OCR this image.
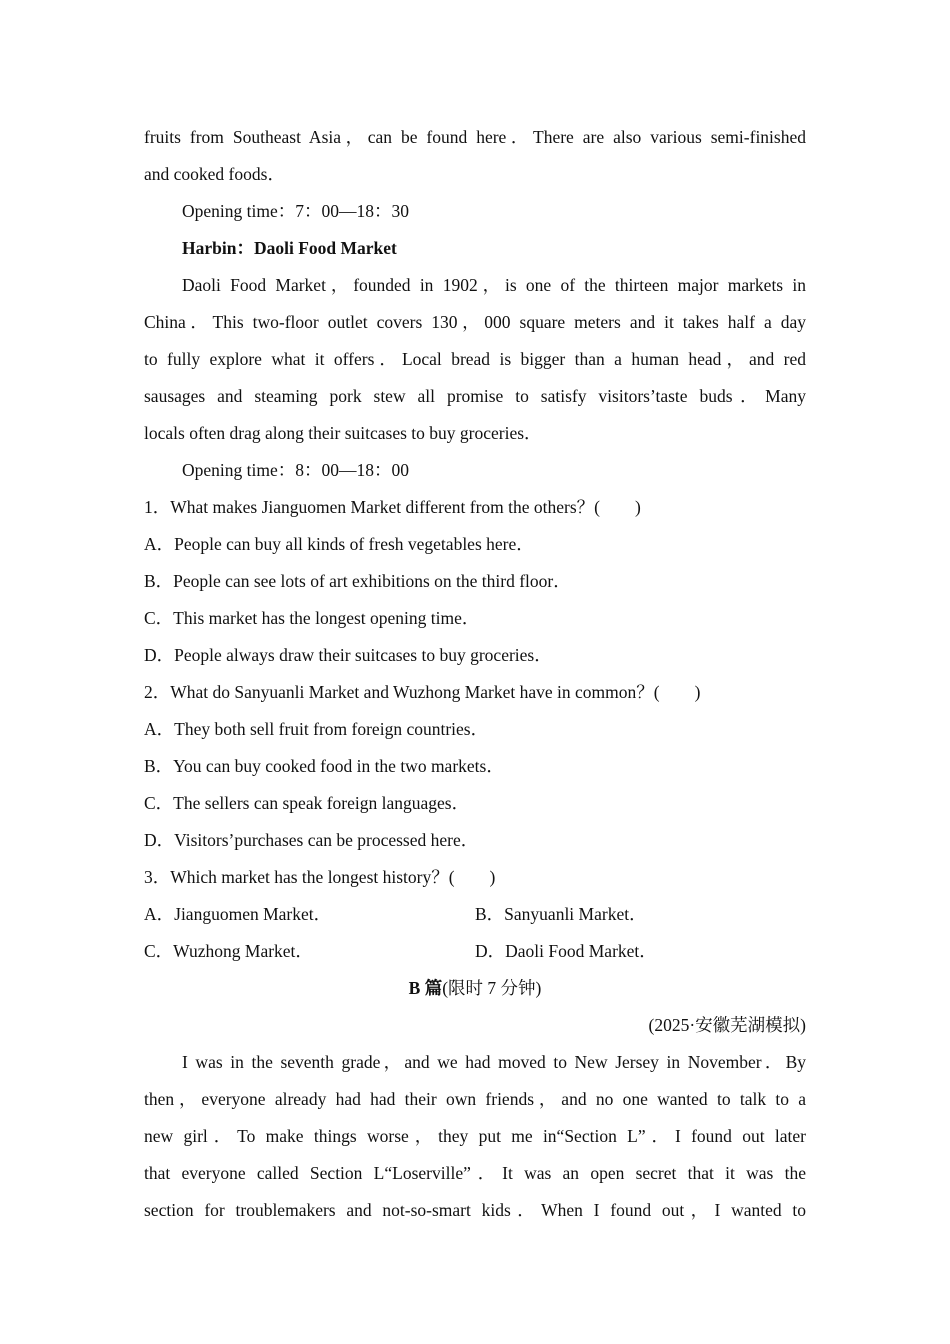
fruits from Southeast Asia，can be found here．There are also various semi-finished
and cooked foods．
Opening time：7：00—18：30
Harbin：Daoli Food Market
Daoli Food Market，founded in 1902，is one of the thirteen major markets in
China．This two-floor outlet covers 130，000 square meters and it takes half a day
to fully explore what it offers．Local bread is bigger than a human head，and red
sausages and steaming pork stew all promise to satisfy visitors’taste buds．Many
locals often drag along their suitcases to buy groceries．
Opening time：8：00—18：00
1．What makes Jianguomen Market different from the others？(　　)
A．People can buy all kinds of fresh vegetables here．
B．People can see lots of art exhibitions on the third floor．
C．This market has the longest opening time．
D．People always draw their suitcases to buy groceries．
2．What do Sanyuanli Market and Wuzhong Market have in common？(　　)
A．They both sell fruit from foreign countries．
B．You can buy cooked food in the two markets．
C．The sellers can speak foreign languages．
D．Visitors’purchases can be processed here．
3．Which market has the longest history？(　　)
A．Jianguomen Market．	B．Sanyuanli Market．
C．Wuzhong Market．	D．Daoli Food Market．
B 篇(限时 7 分钟)
(2025·安徽芜湖模拟)
I was in the seventh grade，and we had moved to New Jersey in November．By
then，everyone already had had their own friends，and no one wanted to talk to a
new girl．To make things worse，they put me in“Section L”．I found out later
that everyone called Section L“Loserville”．It was an open secret that it was the
section for troublemakers and not-so-smart kids．When I found out，I wanted to
